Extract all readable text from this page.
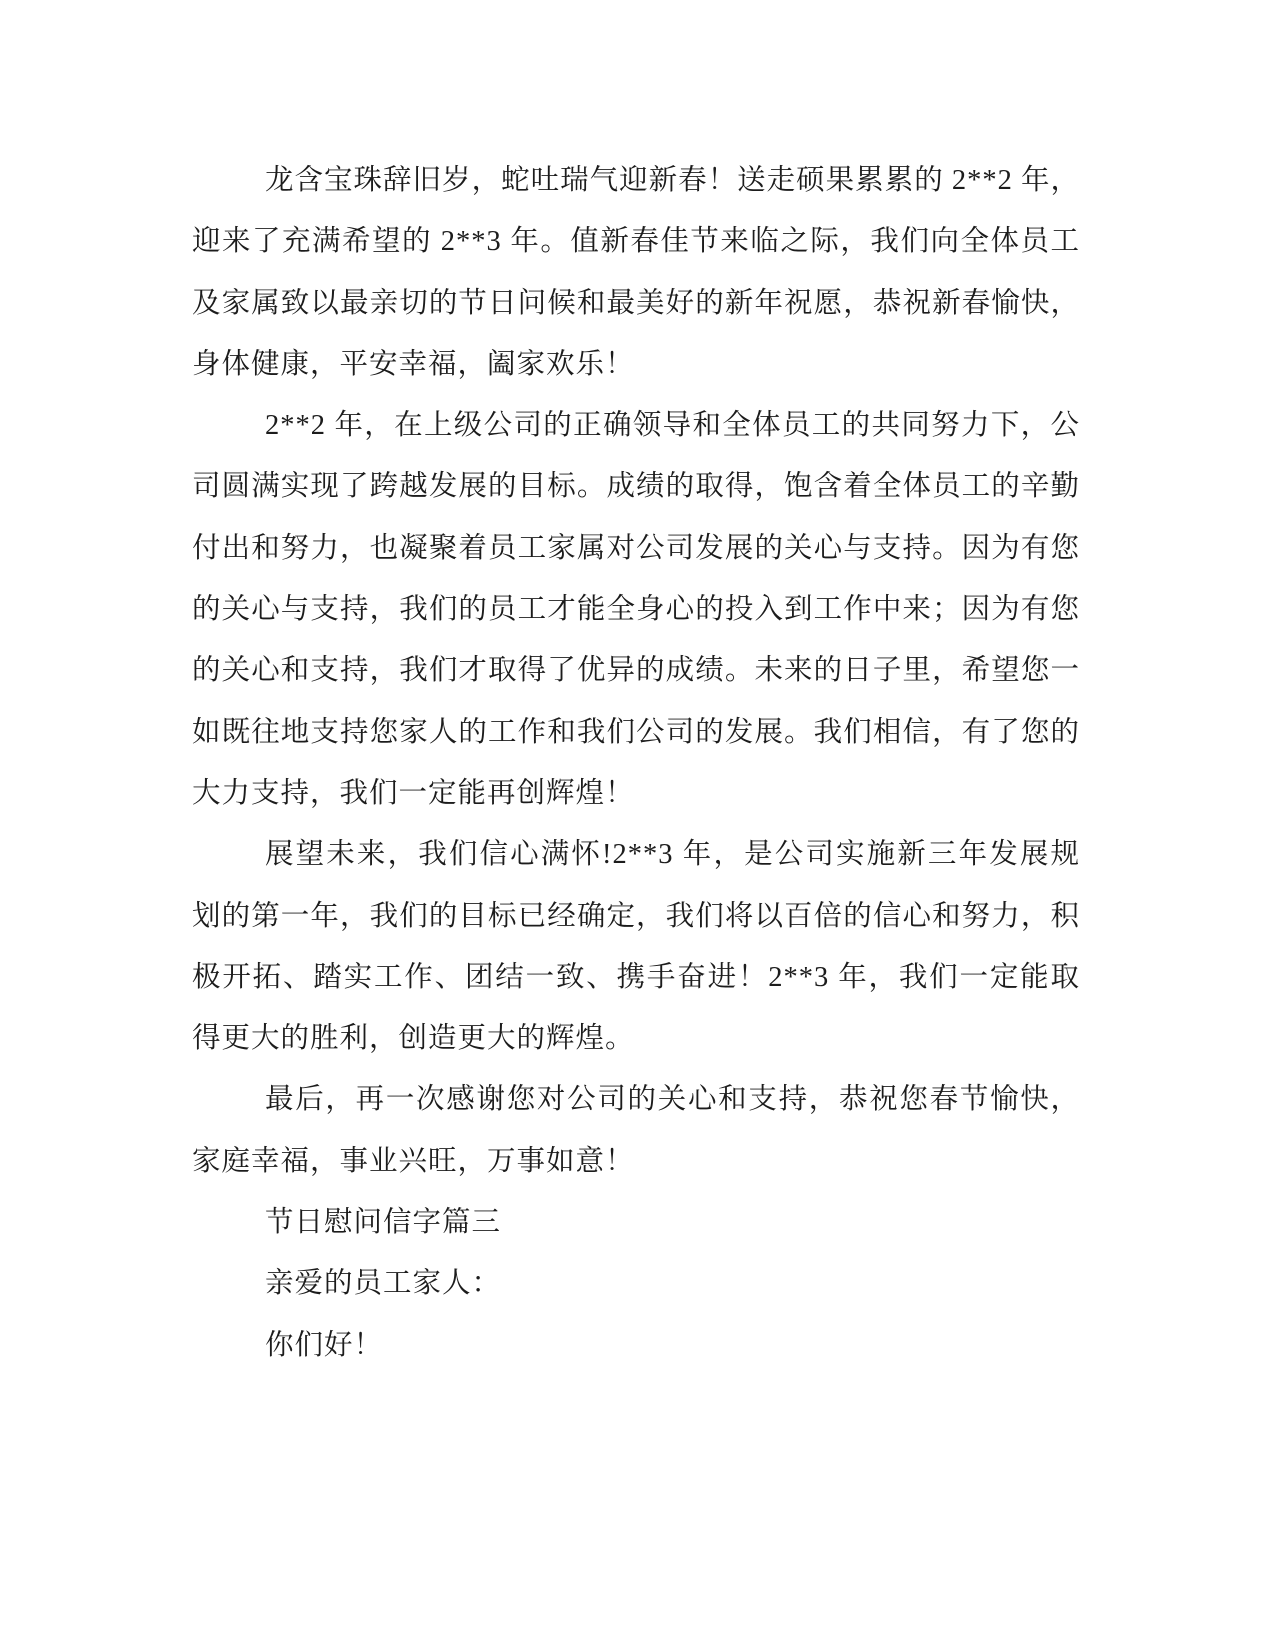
龙含宝珠辞旧岁，蛇吐瑞气迎新春！送走硕果累累的 2**2 年，迎来了充满希望的 2**3 年。值新春佳节来临之际，我们向全体员工及家属致以最亲切的节日问候和最美好的新年祝愿，恭祝新春愉快，身体健康，平安幸福，阖家欢乐！

2**2 年，在上级公司的正确领导和全体员工的共同努力下，公司圆满实现了跨越发展的目标。成绩的取得，饱含着全体员工的辛勤付出和努力，也凝聚着员工家属对公司发展的关心与支持。因为有您的关心与支持，我们的员工才能全身心的投入到工作中来；因为有您的关心和支持，我们才取得了优异的成绩。未来的日子里，希望您一如既往地支持您家人的工作和我们公司的发展。我们相信，有了您的大力支持，我们一定能再创辉煌！

展望未来，我们信心满怀!2**3 年，是公司实施新三年发展规划的第一年，我们的目标已经确定，我们将以百倍的信心和努力，积极开拓、踏实工作、团结一致、携手奋进！2**3 年，我们一定能取得更大的胜利，创造更大的辉煌。

最后，再一次感谢您对公司的关心和支持，恭祝您春节愉快，家庭幸福，事业兴旺，万事如意！

节日慰问信字篇三

亲爱的员工家人：

你们好！
